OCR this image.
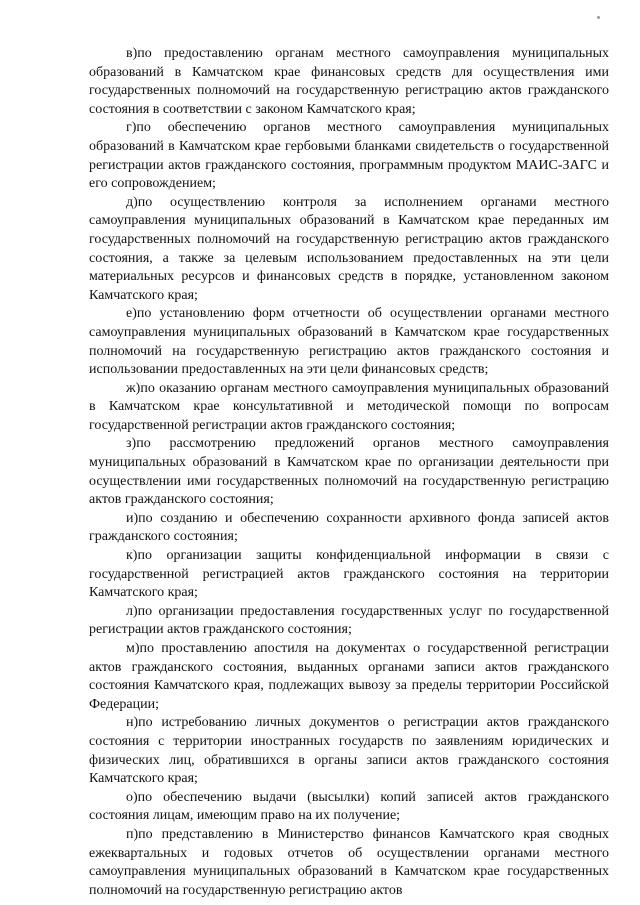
в)по предоставлению органам местного самоуправления муниципальных образований в Камчатском крае финансовых средств для осуществления ими государственных полномочий на государственную регистрацию актов гражданского состояния в соответствии с законом Камчатского края;

г)по обеспечению органов местного самоуправления муниципальных образований в Камчатском крае гербовыми бланками свидетельств о государственной регистрации актов гражданского состояния, программным продуктом МАИС-ЗАГС и его сопровождением;

д)по осуществлению контроля за исполнением органами местного самоуправления муниципальных образований в Камчатском крае переданных им государственных полномочий на государственную регистрацию актов гражданского состояния, а также за целевым использованием предоставленных на эти цели материальных ресурсов и финансовых средств в порядке, установленном законом Камчатского края;

е)по установлению форм отчетности об осуществлении органами местного самоуправления муниципальных образований в Камчатском крае государственных полномочий на государственную регистрацию актов гражданского состояния и использовании предоставленных на эти цели финансовых средств;

ж)по оказанию органам местного самоуправления муниципальных образований в Камчатском крае консультативной и методической помощи по вопросам государственной регистрации актов гражданского состояния;

з)по рассмотрению предложений органов местного самоуправления муниципальных образований в Камчатском крае по организации деятельности при осуществлении ими государственных полномочий на государственную регистрацию актов гражданского состояния;

и)по созданию и обеспечению сохранности архивного фонда записей актов гражданского состояния;

к)по организации защиты конфиденциальной информации в связи с государственной регистрацией актов гражданского состояния на территории Камчатского края;

л)по организации предоставления государственных услуг по государственной регистрации актов гражданского состояния;

м)по проставлению апостиля на документах о государственной регистрации актов гражданского состояния, выданных органами записи актов гражданского состояния Камчатского края, подлежащих вывозу за пределы территории Российской Федерации;

н)по истребованию личных документов о регистрации актов гражданского состояния с территории иностранных государств по заявлениям юридических и физических лиц, обратившихся в органы записи актов гражданского состояния Камчатского края;

о)по обеспечению выдачи (высылки) копий записей актов гражданского состояния лицам, имеющим право на их получение;

п)по представлению в Министерство финансов Камчатского края сводных ежеквартальных и годовых отчетов об осуществлении органами местного самоуправления муниципальных образований в Камчатском крае государственных полномочий на государственную регистрацию актов
